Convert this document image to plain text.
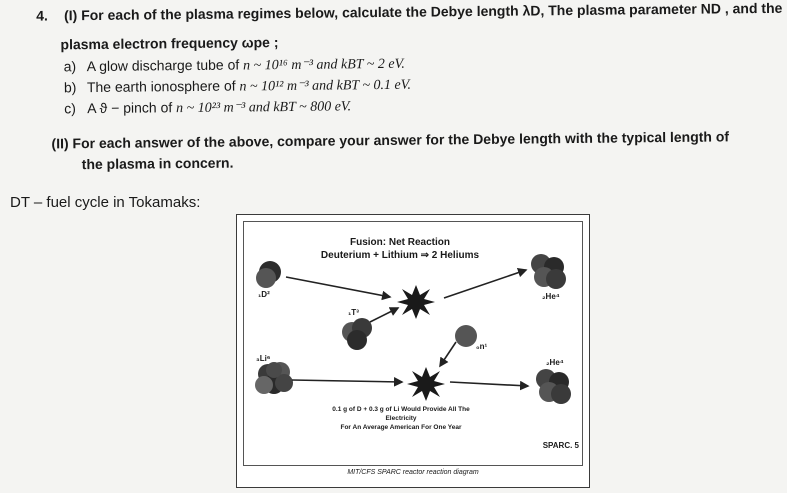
4. (I) For each of the plasma regimes below, calculate the Debye length λD, The plasma parameter ND , and the
plasma electron frequency ωpe ;
a) A glow discharge tube of n ~ 10¹⁶ m⁻³ and kBT ~ 2 eV.
b) The earth ionosphere of n ~ 10¹² m⁻³ and kBT ~ 0.1 eV.
c) A ϑ − pinch of n ~ 10²³ m⁻³ and kBT ~ 800 eV.
(II) For each answer of the above, compare your answer for the Debye length with the typical length of
the plasma in concern.
DT – fuel cycle in Tokamaks:
Fusion: Net Reaction
Deuterium + Lithium ⇒ 2 Heliums
₁D²
₁T³
₃Li⁶
₀n¹
₂He⁴
₂He⁴
0.1 g of D + 0.3 g of Li Would Provide All The Electricity
For An Average American For One Year
SPARC. 5
MIT/CFS SPARC reactor reaction diagram
